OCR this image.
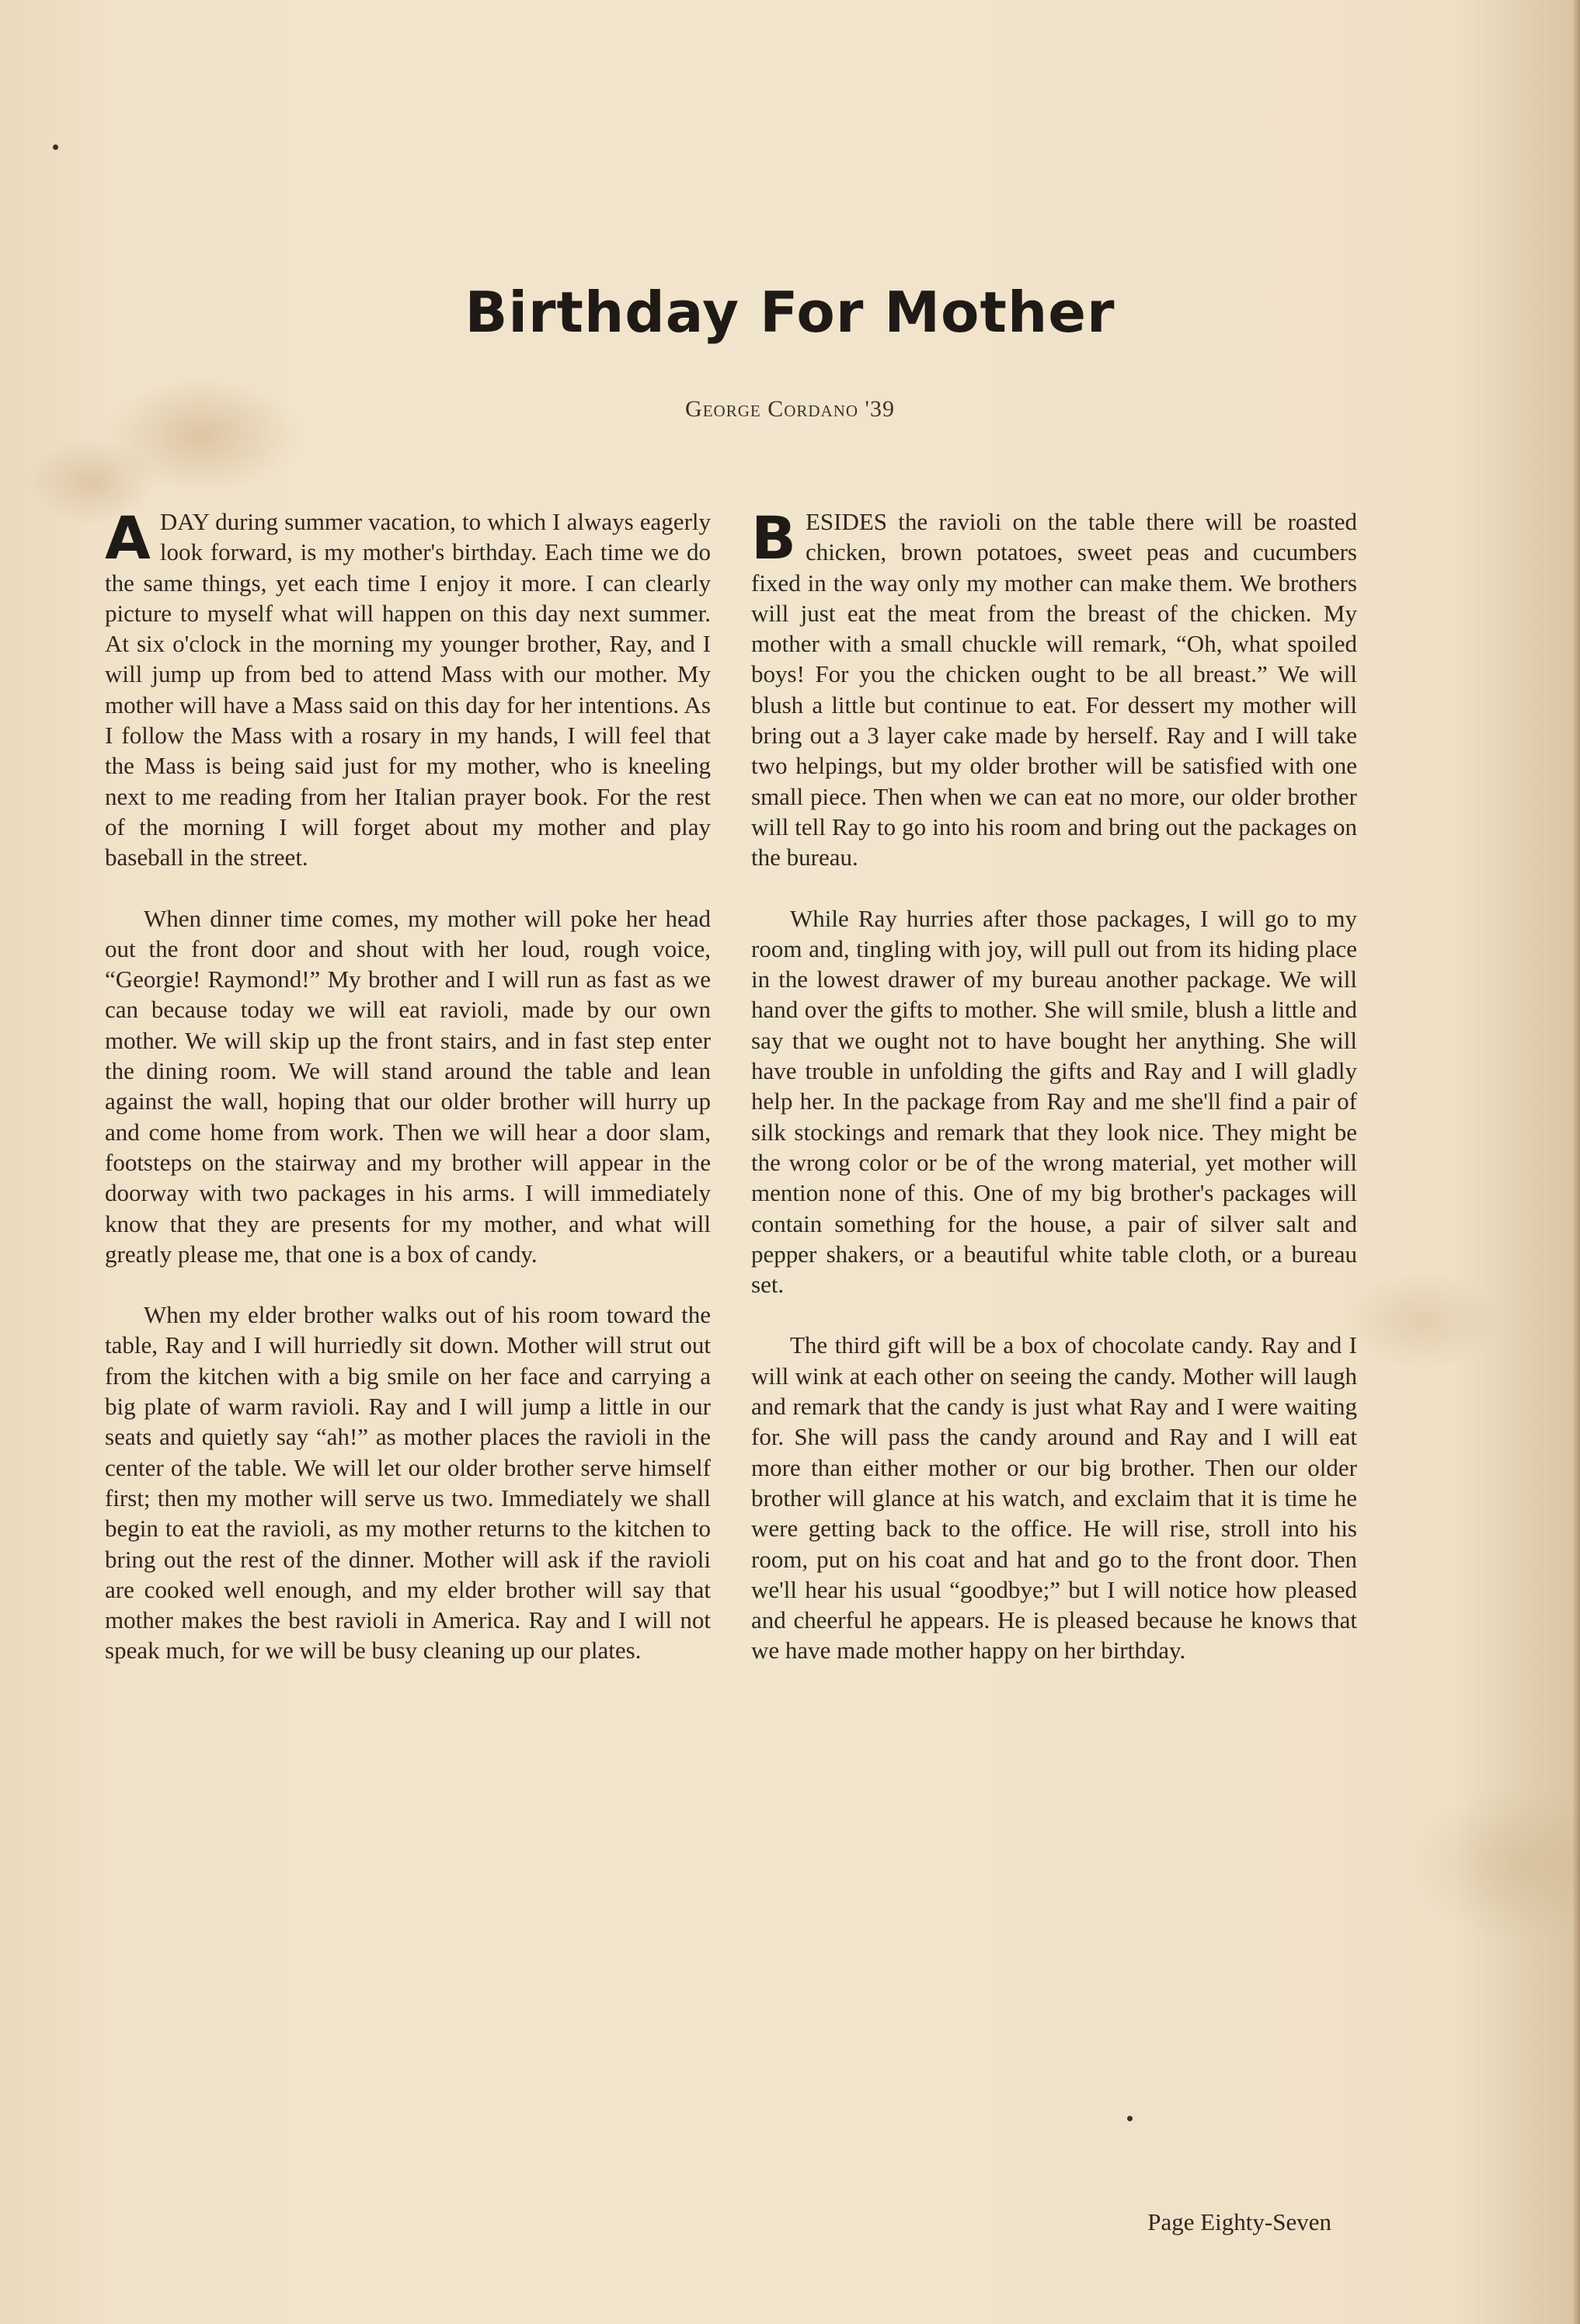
Birthday For Mother

George Cordano '39

ADAY during summer vacation, to which I always eagerly look forward, is my mother's birthday. Each time we do the same things, yet each time I enjoy it more. I can clearly picture to myself what will happen on this day next summer. At six o'clock in the morning my younger brother, Ray, and I will jump up from bed to attend Mass with our mother. My mother will have a Mass said on this day for her intentions. As I follow the Mass with a rosary in my hands, I will feel that the Mass is being said just for my mother, who is kneeling next to me reading from her Italian prayer book. For the rest of the morning I will forget about my mother and play baseball in the street.

When dinner time comes, my mother will poke her head out the front door and shout with her loud, rough voice, “Georgie! Raymond!” My brother and I will run as fast as we can because today we will eat ravioli, made by our own mother. We will skip up the front stairs, and in fast step enter the dining room. We will stand around the table and lean against the wall, hoping that our older brother will hurry up and come home from work. Then we will hear a door slam, footsteps on the stairway and my brother will appear in the doorway with two packages in his arms. I will immediately know that they are presents for my mother, and what will greatly please me, that one is a box of candy.

When my elder brother walks out of his room toward the table, Ray and I will hurriedly sit down. Mother will strut out from the kitchen with a big smile on her face and carrying a big plate of warm ravioli. Ray and I will jump a little in our seats and quietly say “ah!” as mother places the ravioli in the center of the table. We will let our older brother serve himself first; then my mother will serve us two. Immediately we shall begin to eat the ravioli, as my mother returns to the kitchen to bring out the rest of the dinner. Mother will ask if the ravioli are cooked well enough, and my elder brother will say that mother makes the best ravioli in America. Ray and I will not speak much, for we will be busy cleaning up our plates.

BESIDES the ravioli on the table there will be roasted chicken, brown potatoes, sweet peas and cucumbers fixed in the way only my mother can make them. We brothers will just eat the meat from the breast of the chicken. My mother with a small chuckle will remark, “Oh, what spoiled boys! For you the chicken ought to be all breast.” We will blush a little but continue to eat. For dessert my mother will bring out a 3 layer cake made by herself. Ray and I will take two helpings, but my older brother will be satisfied with one small piece. Then when we can eat no more, our older brother will tell Ray to go into his room and bring out the packages on the bureau.

While Ray hurries after those packages, I will go to my room and, tingling with joy, will pull out from its hiding place in the lowest drawer of my bureau another package. We will hand over the gifts to mother. She will smile, blush a little and say that we ought not to have bought her anything. She will have trouble in unfolding the gifts and Ray and I will gladly help her. In the package from Ray and me she'll find a pair of silk stockings and remark that they look nice. They might be the wrong color or be of the wrong material, yet mother will mention none of this. One of my big brother's packages will contain something for the house, a pair of silver salt and pepper shakers, or a beautiful white table cloth, or a bureau set.

The third gift will be a box of chocolate candy. Ray and I will wink at each other on seeing the candy. Mother will laugh and remark that the candy is just what Ray and I were waiting for. She will pass the candy around and Ray and I will eat more than either mother or our big brother. Then our older brother will glance at his watch, and exclaim that it is time he were getting back to the office. He will rise, stroll into his room, put on his coat and hat and go to the front door. Then we'll hear his usual “goodbye;” but I will notice how pleased and cheerful he appears. He is pleased because he knows that we have made mother happy on her birthday.

Page Eighty-Seven
